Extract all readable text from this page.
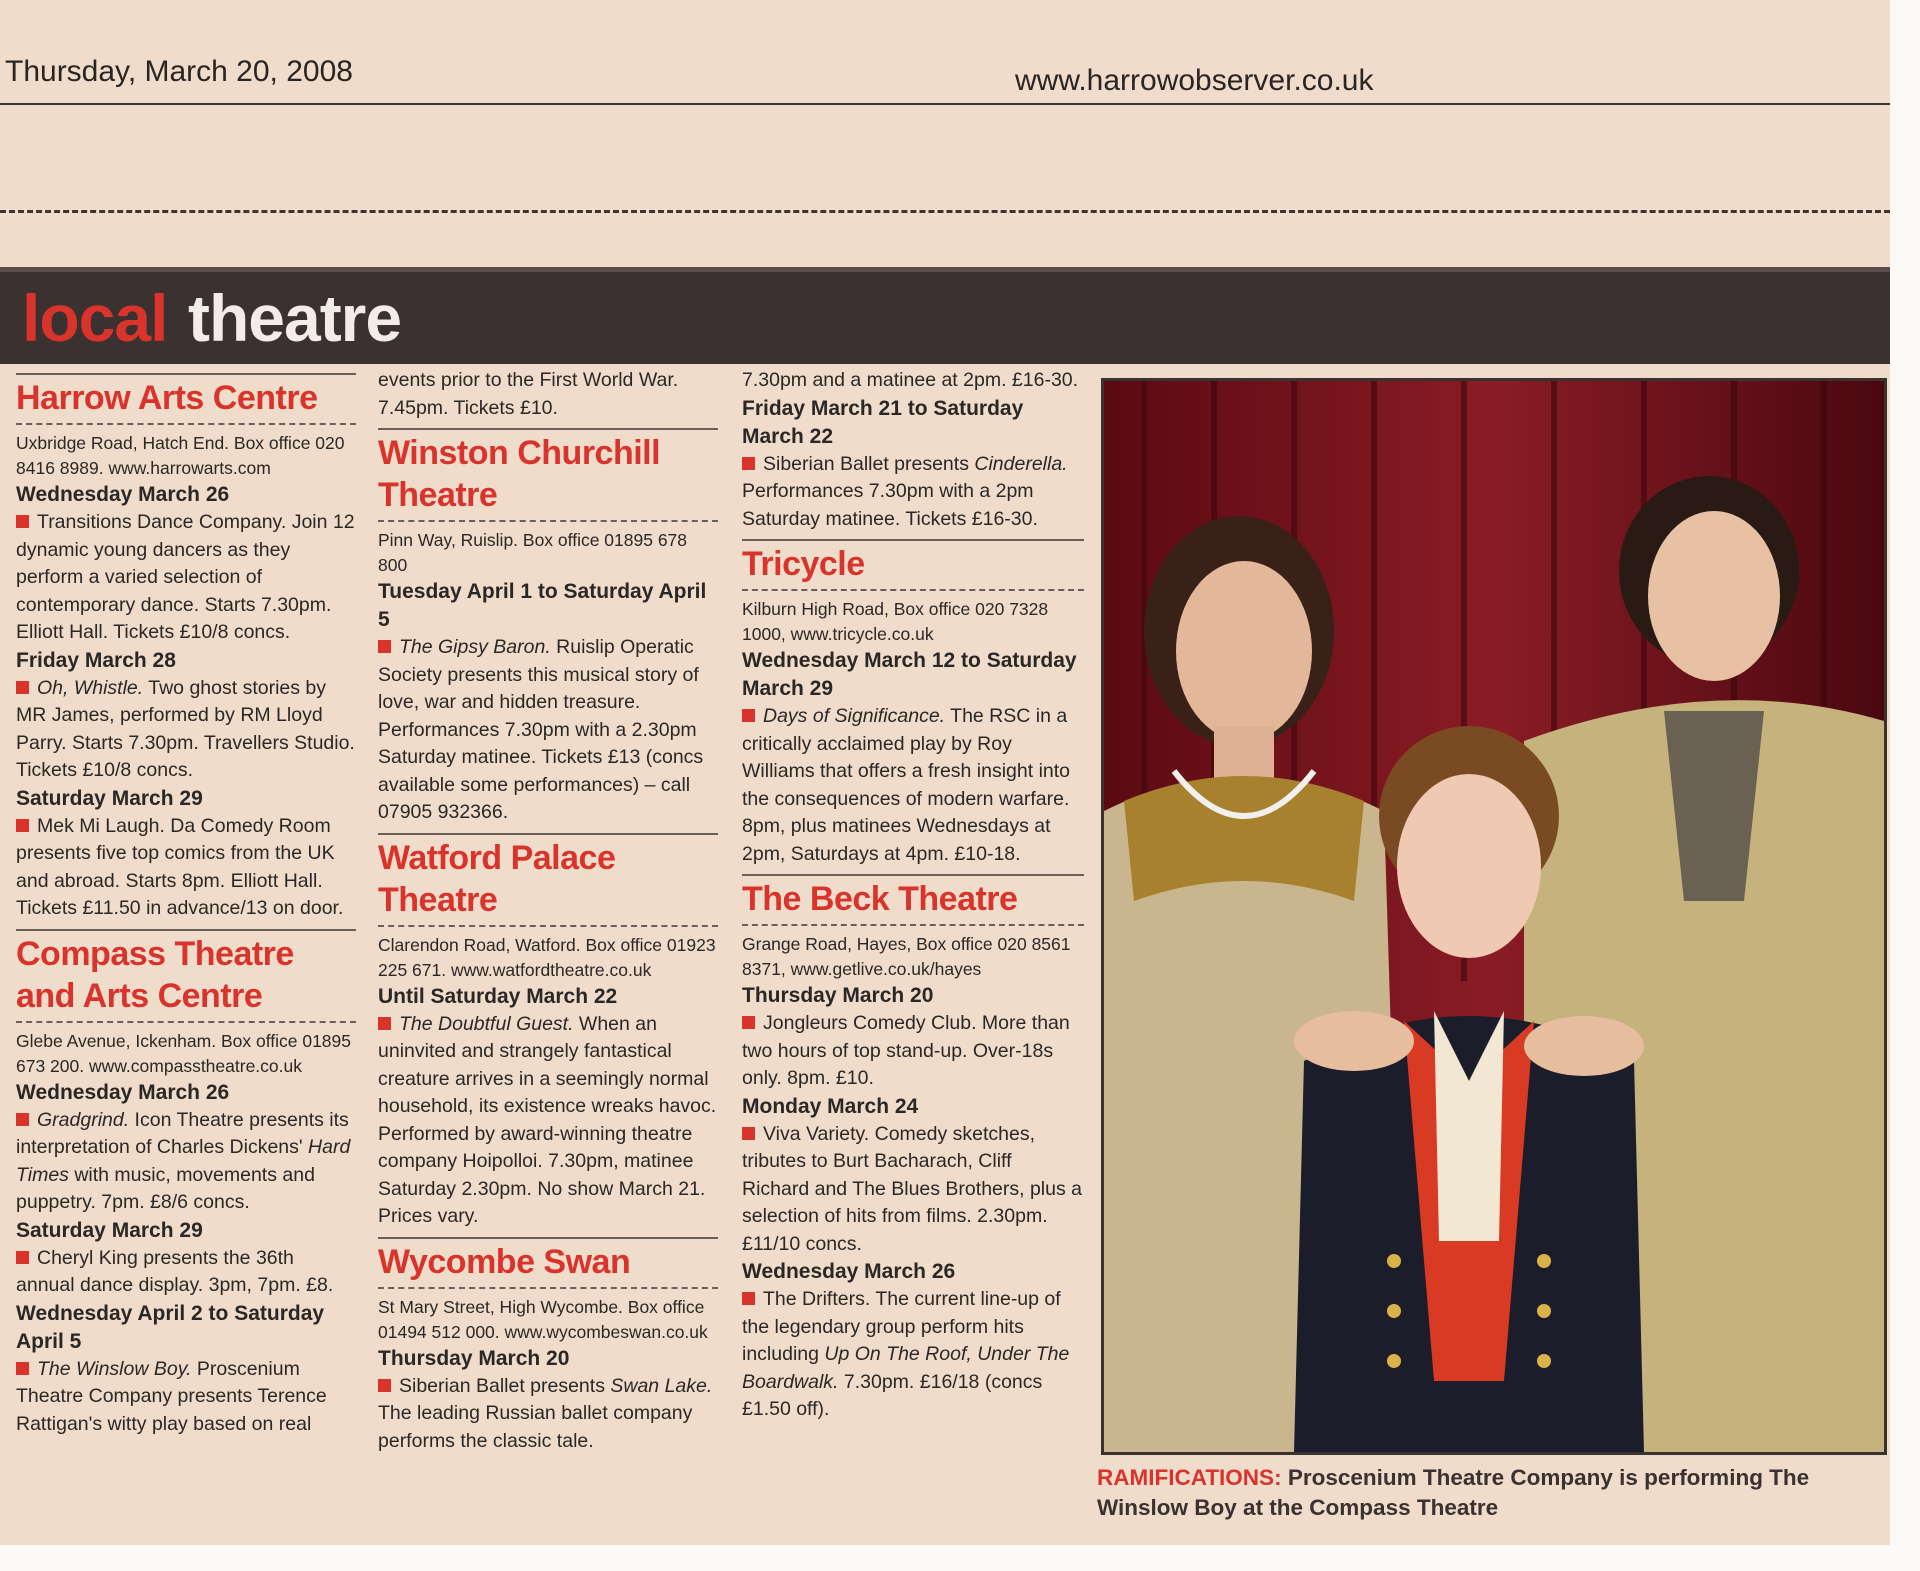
Thursday, March 20, 2008	www.harrowobserver.co.uk
local theatre
Harrow Arts Centre
Uxbridge Road, Hatch End. Box office 020 8416 8989. www.harrowarts.com
Wednesday March 26
Transitions Dance Company. Join 12 dynamic young dancers as they perform a varied selection of contemporary dance. Starts 7.30pm. Elliott Hall. Tickets £10/8 concs.
Friday March 28
Oh, Whistle. Two ghost stories by MR James, performed by RM Lloyd Parry. Starts 7.30pm. Travellers Studio. Tickets £10/8 concs.
Saturday March 29
Mek Mi Laugh. Da Comedy Room presents five top comics from the UK and abroad. Starts 8pm. Elliott Hall. Tickets £11.50 in advance/13 on door.
Compass Theatre and Arts Centre
Glebe Avenue, Ickenham. Box office 01895 673 200. www.compasstheatre.co.uk
Wednesday March 26
Gradgrind. Icon Theatre presents its interpretation of Charles Dickens' Hard Times with music, movements and puppetry. 7pm. £8/6 concs.
Saturday March 29
Cheryl King presents the 36th annual dance display. 3pm, 7pm. £8.
Wednesday April 2 to Saturday April 5
The Winslow Boy. Proscenium Theatre Company presents Terence Rattigan's witty play based on real
events prior to the First World War. 7.45pm. Tickets £10.
Winston Churchill Theatre
Pinn Way, Ruislip. Box office 01895 678 800
Tuesday April 1 to Saturday April 5
The Gipsy Baron. Ruislip Operatic Society presents this musical story of love, war and hidden treasure. Performances 7.30pm with a 2.30pm Saturday matinee. Tickets £13 (concs available some performances) – call 07905 932366.
Watford Palace Theatre
Clarendon Road, Watford. Box office 01923 225 671. www.watfordtheatre.co.uk
Until Saturday March 22
The Doubtful Guest. When an uninvited and strangely fantastical creature arrives in a seemingly normal household, its existence wreaks havoc. Performed by award-winning theatre company Hoipolloi. 7.30pm, matinee Saturday 2.30pm. No show March 21. Prices vary.
Wycombe Swan
St Mary Street, High Wycombe. Box office 01494 512 000. www.wycombeswan.co.uk
Thursday March 20
Siberian Ballet presents Swan Lake. The leading Russian ballet company performs the classic tale.
7.30pm and a matinee at 2pm. £16-30.
Friday March 21 to Saturday March 22
Siberian Ballet presents Cinderella. Performances 7.30pm with a 2pm Saturday matinee. Tickets £16-30.
Tricycle
Kilburn High Road, Box office 020 7328 1000, www.tricycle.co.uk
Wednesday March 12 to Saturday March 29
Days of Significance. The RSC in a critically acclaimed play by Roy Williams that offers a fresh insight into the consequences of modern warfare. 8pm, plus matinees Wednesdays at 2pm, Saturdays at 4pm. £10-18.
The Beck Theatre
Grange Road, Hayes, Box office 020 8561 8371, www.getlive.co.uk/hayes
Thursday March 20
Jongleurs Comedy Club. More than two hours of top stand-up. Over-18s only. 8pm. £10.
Monday March 24
Viva Variety. Comedy sketches, tributes to Burt Bacharach, Cliff Richard and The Blues Brothers, plus a selection of hits from films. 2.30pm. £11/10 concs.
Wednesday March 26
The Drifters. The current line-up of the legendary group perform hits including Up On The Roof, Under The Boardwalk. 7.30pm. £16/18 (concs £1.50 off).
RAMIFICATIONS: Proscenium Theatre Company is performing The Winslow Boy at the Compass Theatre
